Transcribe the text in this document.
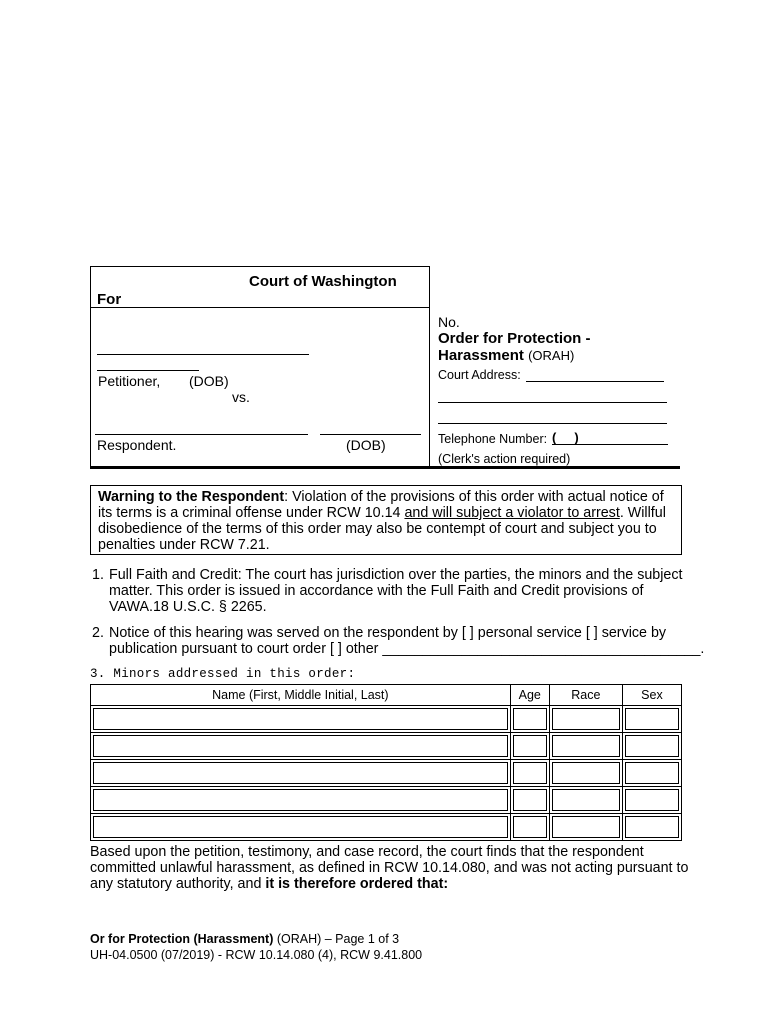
Court of Washington
For
Petitioner, (DOB)
vs.
Respondent.	(DOB)
No.
Order for Protection -
Harassment (ORAH)
Court Address:
Telephone Number: (     )
(Clerk's action required)
Warning to the Respondent: Violation of the provisions of this order with actual notice of its terms is a criminal offense under RCW 10.14 and will subject a violator to arrest. Willful disobedience of the terms of this order may also be contempt of court and subject you to penalties under RCW 7.21.
1. Full Faith and Credit: The court has jurisdiction over the parties, the minors and the subject
matter. This order is issued in accordance with the Full Faith and Credit provisions of
VAWA.18 U.S.C. § 2265.
2. Notice of this hearing was served on the respondent by [ ] personal service [ ] service by
publication pursuant to court order [ ] other ________________________________________.
3. Minors addressed in this order:
Name (First, Middle Initial, Last)	Age	Race	Sex

Based upon the petition, testimony, and case record, the court finds that the respondent
committed unlawful harassment, as defined in RCW 10.14.080, and was not acting pursuant to
any statutory authority, and it is therefore ordered that:
Or for Protection (Harassment) (ORAH) – Page 1 of 3
UH-04.0500 (07/2019) - RCW 10.14.080 (4), RCW 9.41.800
